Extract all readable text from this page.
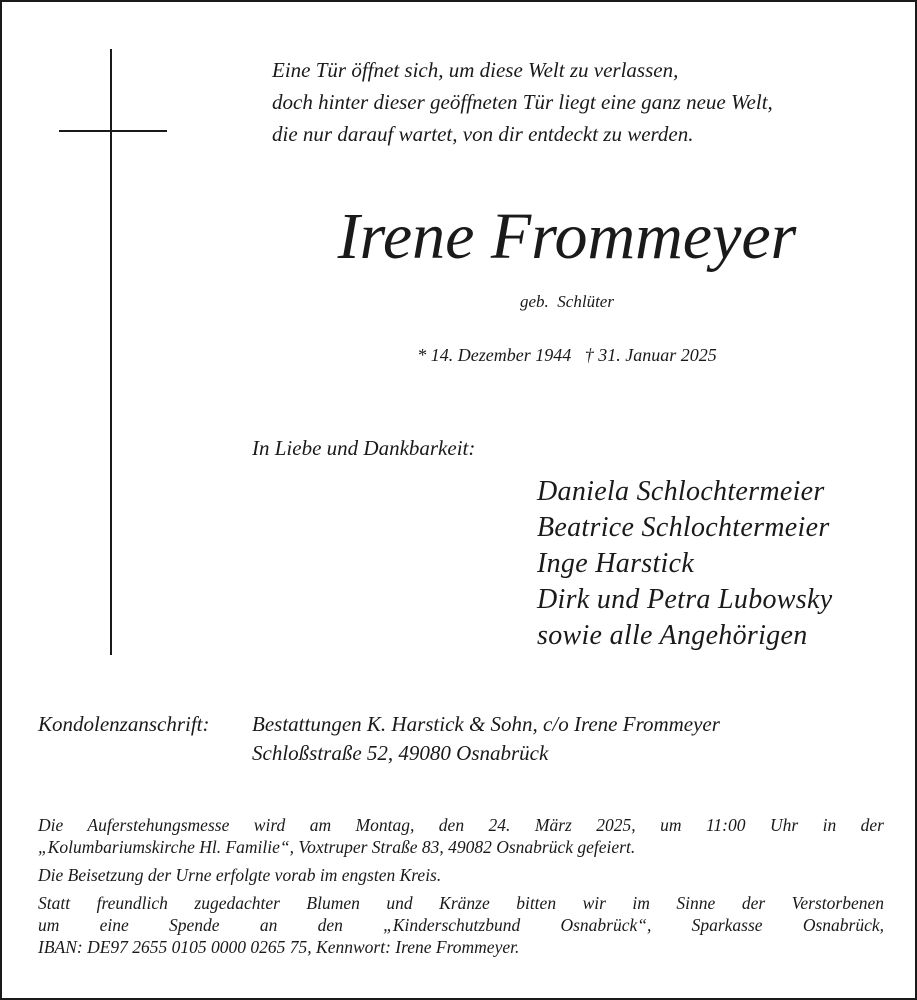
Eine Tür öffnet sich, um diese Welt zu verlassen,
doch hinter dieser geöffneten Tür liegt eine ganz neue Welt,
die nur darauf wartet, von dir entdeckt zu werden.
Irene Frommeyer
geb.  Schlüter
* 14. Dezember 1944   † 31. Januar 2025
In Liebe und Dankbarkeit:
Daniela Schlochtermeier
Beatrice Schlochtermeier
Inge Harstick
Dirk und Petra Lubowsky
sowie alle Angehörigen
Kondolenzanschrift: Bestattungen K. Harstick & Sohn, c/o Irene Frommeyer
Schloßstraße 52, 49080 Osnabrück

Die Auferstehungsmesse wird am Montag, den 24. März 2025, um 11:00 Uhr in der
„Kolumbariumskirche Hl. Familie“, Voxtruper Straße 83, 49082 Osnabrück gefeiert.

Die Beisetzung der Urne erfolgte vorab im engsten Kreis.

Statt freundlich zugedachter Blumen und Kränze bitten wir im Sinne der Verstorbenen
um eine Spende an den „Kinderschutzbund Osnabrück“, Sparkasse Osnabrück,
IBAN: DE97 2655 0105 0000 0265 75, Kennwort: Irene Frommeyer.
